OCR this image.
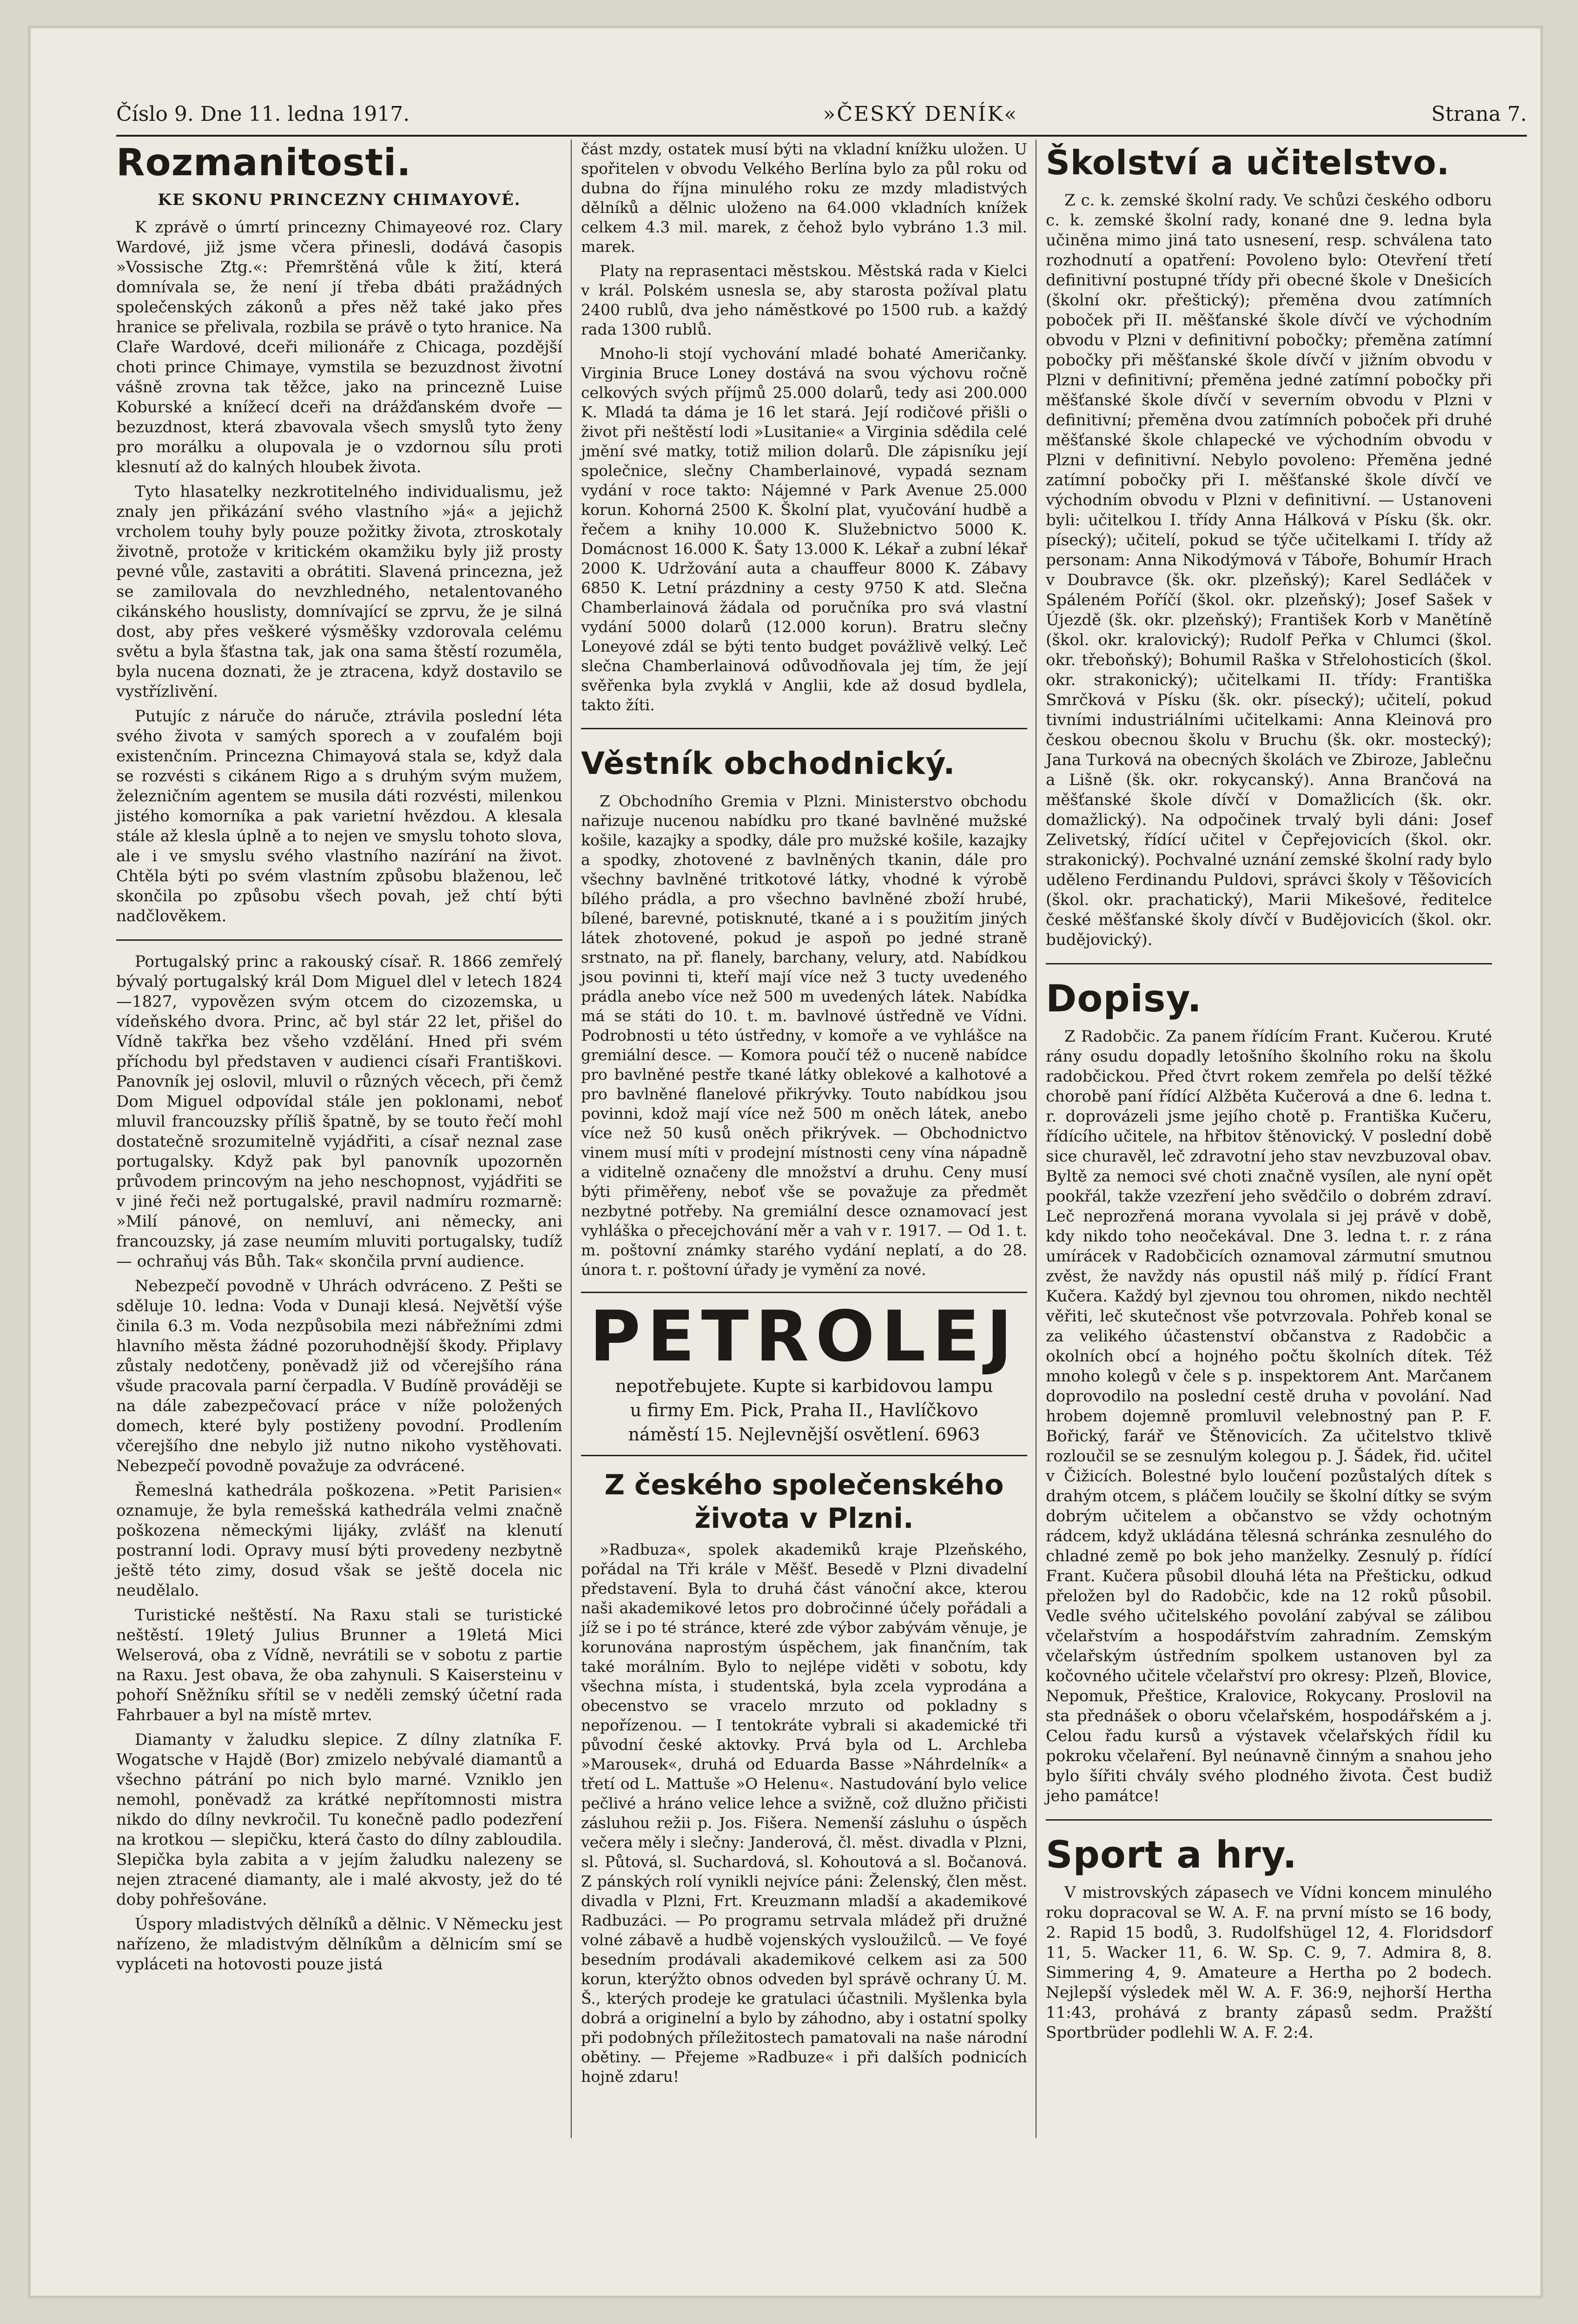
Číslo 9. Dne 11. ledna 1917.	»ČESKÝ DENÍK«	Strana 7.
Rozmanitosti.
KE SKONU PRINCEZNY CHIMAYOVÉ.

K zprávě o úmrtí princezny Chimayeové roz. Clary Wardové, již jsme včera přinesli, dodává časopis »Vossische Ztg.«: Přemrštěná vůle k žití, která domnívala se, že není jí třeba dbáti pražádných společenských zákonů a přes něž také jako přes hranice se přelivala, rozbila se právě o tyto hranice. Na Claře Wardové, dceři milionáře z Chicaga, pozdější choti prince Chimaye, vymstila se bezuzdnost životní vášně zrovna tak těžce, jako na princezně Luise Koburské a knížecí dceři na drážďanském dvoře — bezuzdnost, která zbavovala všech smyslů tyto ženy pro morálku a olupovala je o vzdornou sílu proti klesnutí až do kalných hloubek života.

Tyto hlasatelky nezkrotitelného individualismu, jež znaly jen přikázání svého vlastního »já« a jejichž vrcholem touhy byly pouze požitky života, ztroskotaly životně, protože v kritickém okamžiku byly již prosty pevné vůle, zastaviti a obrátiti. Slavená princezna, jež se zamilovala do nevzhledného, netalentovaného cikánského houslisty, domnívající se zprvu, že je silná dost, aby přes veškeré výsměšky vzdorovala celému světu a byla šťastna tak, jak ona sama štěstí rozuměla, byla nucena doznati, že je ztracena, když dostavilo se vystřízlivění.

Putujíc z náruče do náruče, ztrávila poslední léta svého života v samých sporech a v zoufalém boji existenčním. Princezna Chimayová stala se, když dala se rozvésti s cikánem Rigo a s druhým svým mužem, železničním agentem se musila dáti rozvésti, milenkou jistého komorníka a pak varietní hvězdou. A klesala stále až klesla úplně a to nejen ve smyslu tohoto slova, ale i ve smyslu svého vlastního nazírání na život. Chtěla býti po svém vlastním způsobu blaženou, leč skončila po způsobu všech povah, jež chtí býti nadčlověkem.

Portugalský princ a rakouský císař. R. 1866 zemřelý bývalý portugalský král Dom Miguel dlel v letech 1824—1827, vypovězen svým otcem do cizozemska, u vídeňského dvora. Princ, ač byl stár 22 let, přišel do Vídně takřka bez všeho vzdělání. Hned při svém příchodu byl představen v audienci císaři Františkovi. Panovník jej oslovil, mluvil o různých věcech, při čemž Dom Miguel odpovídal stále jen poklonami, neboť mluvil francouzsky příliš špatně, by se touto řečí mohl dostatečně srozumitelně vyjádřiti, a císař neznal zase portugalsky. Když pak byl panovník upozorněn průvodem princovým na jeho neschopnost, vyjádřiti se v jiné řeči než portugalské, pravil nadmíru rozmarně: »Milí pánové, on nemluví, ani německy, ani francouzsky, já zase neumím mluviti portugalsky, tudíž — ochraňuj vás Bůh. Tak« skončila první audience.

Nebezpečí povodně v Uhrách odvráceno. Z Pešti se sděluje 10. ledna: Voda v Dunaji klesá. Největší výše činila 6.3 m. Voda nezpůsobila mezi nábřežními zdmi hlavního města žádné pozoruhodnější škody. Připlavy zůstaly nedotčeny, poněvadž již od včerejšího rána všude pracovala parní čerpadla. V Budíně prováději se na dále zabezpečovací práce v níže položených domech, které byly postiženy povodní. Prodlením včerejšího dne nebylo již nutno nikoho vystěhovati. Nebezpečí povodně považuje za odvrácené.

Řemeslná kathedrála poškozena. »Petit Parisien« oznamuje, že byla remešská kathedrála velmi značně poškozena německými lijáky, zvlášť na klenutí postranní lodi. Opravy musí býti provedeny nezbytně ještě této zimy, dosud však se ještě docela nic neudělalo.

Turistické neštěstí. Na Raxu stali se turistické neštěstí. 19letý Julius Brunner a 19letá Mici Welserová, oba z Vídně, nevrátili se v sobotu z partie na Raxu. Jest obava, že oba zahynuli. S Kaisersteinu v pohoří Sněžníku sřítil se v neděli zemský účetní rada Fahrbauer a byl na místě mrtev.

Diamanty v žaludku slepice. Z dílny zlatníka F. Wogatsche v Hajdě (Bor) zmizelo nebývalé diamantů a všechno pátrání po nich bylo marné. Vzniklo jen nemohl, poněvadž za krátké nepřítomnosti mistra nikdo do dílny nevkročil. Tu konečně padlo podezření na krotkou — slepičku, která často do dílny zabloudila. Slepička byla zabita a v jejím žaludku nalezeny se nejen ztracené diamanty, ale i malé akvosty, jež do té doby pohřešováne.

Úspory mladistvých dělníků a dělnic. V Německu jest nařízeno, že mladistvým dělníkům a dělnicím smí se vypláceti na hotovosti pouze jistá

část mzdy, ostatek musí býti na vkladní knížku uložen. U spořitelen v obvodu Velkého Berlína bylo za půl roku od dubna do října minulého roku ze mzdy mladistvých dělníků a dělnic uloženo na 64.000 vkladních knížek celkem 4.3 mil. marek, z čehož bylo vybráno 1.3 mil. marek.

Platy na reprasentaci městskou. Městská rada v Kielci v král. Polském usnesla se, aby starosta požíval platu 2400 rublů, dva jeho náměstkové po 1500 rub. a každý rada 1300 rublů.

Mnoho-li stojí vychování mladé bohaté Američanky. Virginia Bruce Loney dostává na svou výchovu ročně celkových svých příjmů 25.000 dolarů, tedy asi 200.000 K. Mladá ta dáma je 16 let stará. Její rodičové přišli o život při neštěstí lodi »Lusitanie« a Virginia sdědila celé jmění své matky, totiž milion dolarů. Dle zápisníku její společnice, slečny Chamberlainové, vypadá seznam vydání v roce takto: Nájemné v Park Avenue 25.000 korun. Kohorná 2500 K. Školní plat, vyučování hudbě a řečem a knihy 10.000 K. Služebnictvo 5000 K. Domácnost 16.000 K. Šaty 13.000 K. Lékař a zubní lékař 2000 K. Udržování auta a chauffeur 8000 K. Zábavy 6850 K. Letní prázdniny a cesty 9750 K atd. Slečna Chamberlainová žádala od poručníka pro svá vlastní vydání 5000 dolarů (12.000 korun). Bratru slečny Loneyové zdál se býti tento budget povážlivě velký. Leč slečna Chamberlainová odůvodňovala jej tím, že její svěřenka byla zvyklá v Anglii, kde až dosud bydlela, takto žíti.

Věstník obchodnický.

Z Obchodního Gremia v Plzni. Ministerstvo obchodu nařizuje nucenou nabídku pro tkané bavlněné mužské košile, kazajky a spodky, dále pro mužské košile, kazajky a spodky, zhotovené z bavlněných tkanin, dále pro všechny bavlněné tritkotové látky, vhodné k výrobě bílého prádla, a pro všechno bavlněné zboží hrubé, bílené, barevné, potisknuté, tkané a i s použitím jiných látek zhotovené, pokud je aspoň po jedné straně srstnato, na př. flanely, barchany, velury, atd. Nabídkou jsou povinni ti, kteří mají více než 3 tucty uvedeného prádla anebo více než 500 m uvedených látek. Nabídka má se státi do 10. t. m. bavlnové ústředně ve Vídni. Podrobnosti u této ústředny, v komoře a ve vyhlášce na gremiální desce. — Komora poučí též o nuceně nabídce pro bavlněné pestře tkané látky oblekové a kalhotové a pro bavlněné flanelové přikrývky. Touto nabídkou jsou povinni, kdož mají více než 500 m oněch látek, anebo více než 50 kusů oněch přikrývek. — Obchodnictvo vinem musí míti v prodejní místnosti ceny vína nápadně a viditelně označeny dle množství a druhu. Ceny musí býti přiměřeny, neboť vše se považuje za předmět nezbytné potřeby. Na gremiální desce oznamovací jest vyhláška o přecejchování měr a vah v r. 1917. — Od 1. t. m. poštovní známky starého vydání neplatí, a do 28. února t. r. poštovní úřady je vymění za nové.

PETROLEJ
nepotřebujete. Kupte si karbidovou lampu
u firmy Em. Pick, Praha II., Havlíčkovo
náměstí 15. Nejlevnější osvětlení. 6963
Z českého společenského života v Plzni.

»Radbuza«, spolek akademiků kraje Plzeňského, pořádal na Tři krále v Měšť. Besedě v Plzni divadelní představení. Byla to druhá část vánoční akce, kterou naši akademikové letos pro dobročinné účely pořádali a jíž se i po té stránce, které zde výbor zabývám věnuje, je korunována naprostým úspěchem, jak finančním, tak také morálním. Bylo to nejlépe viděti v sobotu, kdy všechna místa, i studentská, byla zcela vyprodána a obecenstvo se vracelo mrzuto od pokladny s nepořízenou. — I tentokráte vybrali si akademické tři původní české aktovky. Prvá byla od L. Archleba »Marousek«, druhá od Eduarda Basse »Náhrdelník« a třetí od L. Mattuše »O Helenu«. Nastudování bylo velice pečlivé a hráno velice lehce a svižně, což dlužno přičisti zásluhou režii p. Jos. Fišera. Nemenší zásluhu o úspěch večera měly i slečny: Janderová, čl. měst. divadla v Plzni, sl. Půtová, sl. Suchardová, sl. Kohoutová a sl. Bočanová. Z pánských rolí vynikli nejvíce páni: Želenský, člen měst. divadla v Plzni, Frt. Kreuzmann mladší a akademikové Radbuzáci. — Po programu setrvala mládež při družné volné zábavě a hudbě vojenských vysloužilců. — Ve foyé besedním prodávali akademikové celkem asi za 500 korun, kterýžto obnos odveden byl správě ochrany Ú. M. Š., kterých prodeje ke gratulaci účastnili. Myšlenka byla dobrá a originelní a bylo by záhodno, aby i ostatní spolky při podobných příležitostech pamatovali na naše národní obětiny. — Přejeme »Radbuze« i při dalších podnicích hojně zdaru!

Školství a učitelstvo.

Z c. k. zemské školní rady. Ve schůzi českého odboru c. k. zemské školní rady, konané dne 9. ledna byla učiněna mimo jiná tato usnesení, resp. schválena tato rozhodnutí a opatření: Povoleno bylo: Otevření třetí definitivní postupné třídy při obecné škole v Dnešicích (školní okr. přeštický); přeměna dvou zatímních poboček při II. měšťanské škole dívčí ve východním obvodu v Plzni v definitivní pobočky; přeměna zatímní pobočky při měšťanské škole dívčí v jižním obvodu v Plzni v definitivní; přeměna jedné zatímní pobočky při měšťanské škole dívčí v severním obvodu v Plzni v definitivní; přeměna dvou zatímních poboček při druhé měšťanské škole chlapecké ve východním obvodu v Plzni v definitivní. Nebylo povoleno: Přeměna jedné zatímní pobočky při I. měšťanské škole dívčí ve východním obvodu v Plzni v definitivní. — Ustanoveni byli: učitelkou I. třídy Anna Hálková v Písku (šk. okr. písecký); učitelí, pokud se týče učitelkami I. třídy až personam: Anna Nikodýmová v Táboře, Bohumír Hrach v Doubravce (šk. okr. plzeňský); Karel Sedláček v Spáleném Poříčí (škol. okr. plzeňský); Josef Sašek v Újezdě (šk. okr. plzeňský); František Korb v Manětíně (škol. okr. kralovický); Rudolf Peřka v Chlumci (škol. okr. třeboňský); Bohumil Raška v Střelohosticích (škol. okr. strakonický); učitelkami II. třídy: Františka Smrčková v Písku (šk. okr. písecký); učitelí, pokud tivními industriálními učitelkami: Anna Kleinová pro českou obecnou školu v Bruchu (šk. okr. mostecký); Jana Turková na obecných školách ve Zbiroze, Jablečnu a Lišně (šk. okr. rokycanský). Anna Brančová na měšťanské škole dívčí v Domažlicích (šk. okr. domažlický). Na odpočinek trvalý byli dáni: Josef Zelivetský, řídící učitel v Čepřejovicích (škol. okr. strakonický). Pochvalné uznání zemské školní rady bylo uděleno Ferdinandu Puldovi, správci školy v Těšovicích (škol. okr. prachatický), Marii Mikešové, ředitelce české měšťanské školy dívčí v Budějovicích (škol. okr. budějovický).

Dopisy.

Z Radobčic. Za panem řídícím Frant. Kučerou. Kruté rány osudu dopadly letošního školního roku na školu radobčickou. Před čtvrt rokem zemřela po delší těžké chorobě paní řídící Alžběta Kučerová a dne 6. ledna t. r. doprovázeli jsme jejího chotě p. Františka Kučeru, řídícího učitele, na hřbitov štěnovický. V poslední době sice churavěl, leč zdravotní jeho stav nevzbuzoval obav. Byltě za nemoci své choti značně vysílen, ale nyní opět pookřál, takže vzezření jeho svědčilo o dobrém zdraví. Leč neprozřená morana vyvolala si jej právě v době, kdy nikdo toho neočekával. Dne 3. ledna t. r. z rána umírácek v Radobčicích oznamoval zármutní smutnou zvěst, že navždy nás opustil náš milý p. řídící Frant Kučera. Každý byl zjevnou tou ohromen, nikdo nechtěl věřiti, leč skutečnost vše potvrzovala. Pohřeb konal se za velikého účastenství občanstva z Radobčic a okolních obcí a hojného počtu školních dítek. Též mnoho kolegů v čele s p. inspektorem Ant. Marčanem doprovodilo na poslední cestě druha v povolání. Nad hrobem dojemně promluvil velebnostný pan P. F. Bořický, farář ve Štěnovicích. Za učitelstvo tklivě rozloučil se se zesnulým kolegou p. J. Šádek, řid. učitel v Čižicích. Bolestné bylo loučení pozůstalých dítek s drahým otcem, s pláčem loučily se školní dítky se svým dobrým učitelem a občanstvo se vždy ochotným rádcem, když ukládána tělesná schránka zesnulého do chladné země po bok jeho manželky. Zesnulý p. řídící Frant. Kučera působil dlouhá léta na Přešticku, odkud přeložen byl do Radobčic, kde na 12 roků působil. Vedle svého učitelského povolání zabýval se zálibou včelařstvím a hospodářstvím zahradním. Zemským včelařským ústředním spolkem ustanoven byl za kočovného učitele včelařství pro okresy: Plzeň, Blovice, Nepomuk, Přeštice, Kralovice, Rokycany. Proslovil na sta přednášek o oboru včelařském, hospodářském a j. Celou řadu kursů a výstavek včelařských řídil ku pokroku včelaření. Byl neúnavně činným a snahou jeho bylo šířiti chvály svého plodného života. Čest budiž jeho památce!

Sport a hry.

V mistrovských zápasech ve Vídni koncem minulého roku dopracoval se W. A. F. na první místo se 16 body, 2. Rapid 15 bodů, 3. Rudolfshügel 12, 4. Floridsdorf 11, 5. Wacker 11, 6. W. Sp. C. 9, 7. Admira 8, 8. Simmering 4, 9. Amateure a Hertha po 2 bodech. Nejlepší výsledek měl W. A. F. 36:9, nejhorší Hertha 11:43, prohává z branty zápasů sedm. Pražští Sportbrüder podlehli W. A. F. 2:4.
